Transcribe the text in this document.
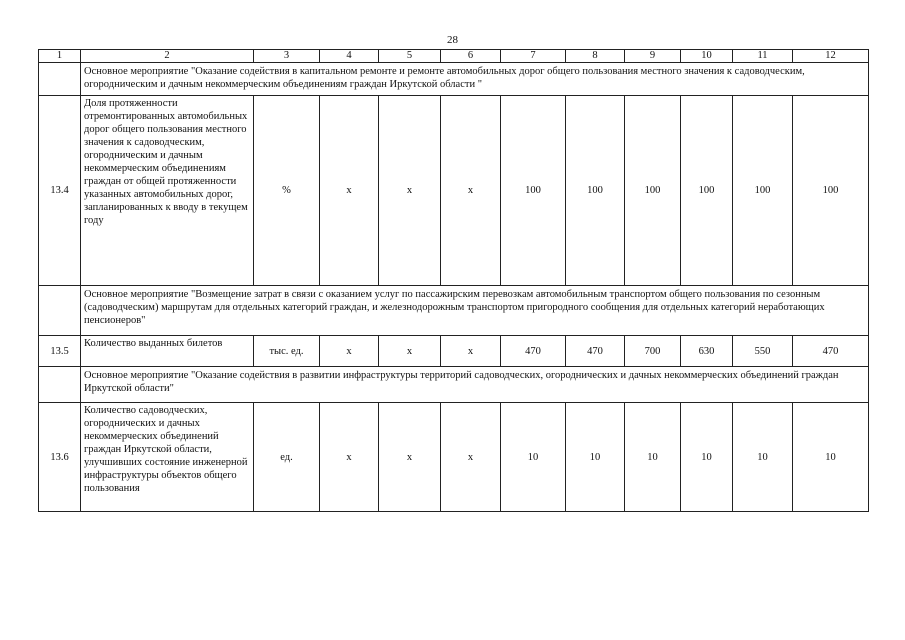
28
1	2	3	4	5	6	7	8	9	10	11	12
	Основное мероприятие "Оказание содействия в капитальном ремонте и ремонте автомобильных дорог общего пользования местного значения к садоводческим, огородническим и дачным некоммерческим объединениям граждан Иркутской области "										
13.4	Доля протяженности отремонтированных автомобильных дорог общего пользования местного значения к садоводческим, огородническим и дачным некоммерческим объединениям граждан от общей протяженности указанных автомобильных дорог, запланированных к вводу в текущем году	%	x	x	x	100	100	100	100	100	100
	Основное мероприятие "Возмещение затрат в связи с оказанием услуг по пассажирским перевозкам автомобильным транспортом общего пользования по сезонным (садоводческим) маршрутам для отдельных категорий граждан, и железнодорожным транспортом пригородного сообщения для отдельных категорий неработающих пенсионеров"										
13.5	Количество выданных билетов	тыс. ед.	x	x	x	470	470	700	630	550	470
	Основное мероприятие "Оказание содействия в развитии инфраструктуры территорий садоводческих, огороднических и дачных некоммерческих объединений граждан Иркутской области"										
13.6	Количество садоводческих, огороднических и дачных некоммерческих объединений граждан Иркутской области, улучшивших состояние инженерной инфраструктуры объектов общего пользования	ед.	x	x	x	10	10	10	10	10	10
